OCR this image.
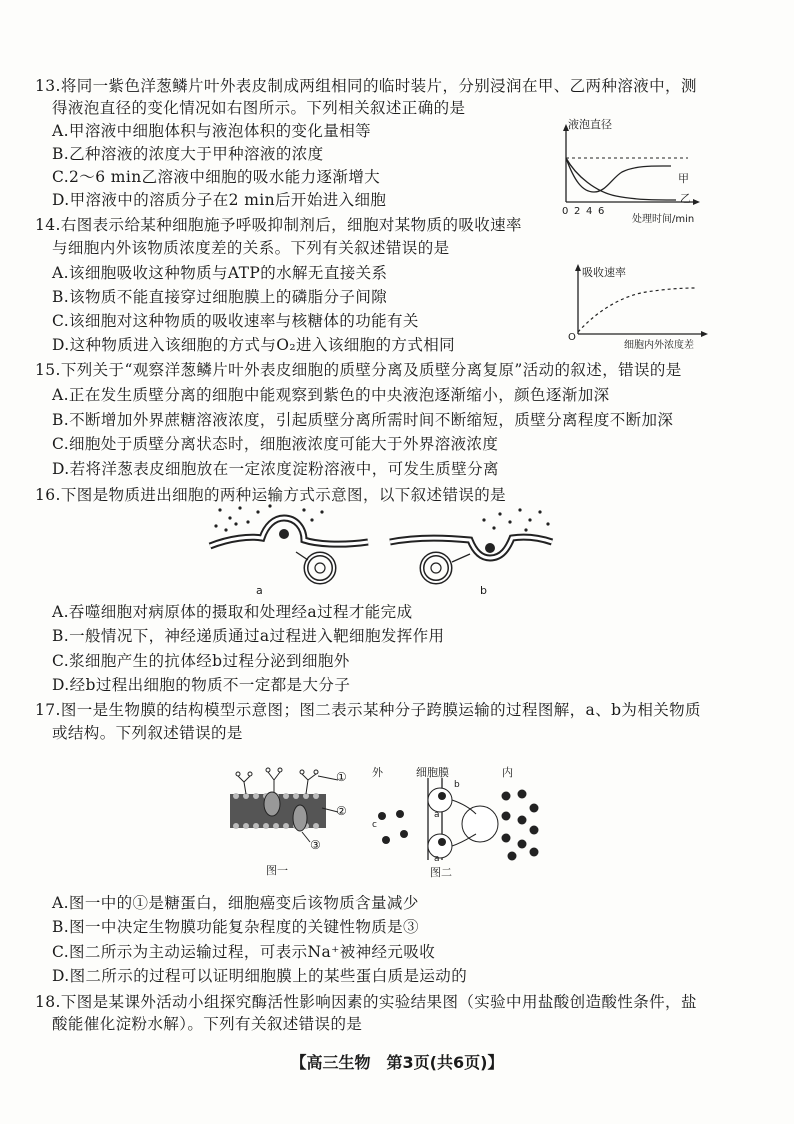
13.将同一紫色洋葱鳞片叶外表皮制成两组相同的临时装片，分别浸润在甲、乙两种溶液中，测
得液泡直径的变化情况如右图所示。下列相关叙述正确的是
A.甲溶液中细胞体积与液泡体积的变化量相等
B.乙种溶液的浓度大于甲种溶液的浓度
C.2～6 min乙溶液中细胞的吸水能力逐渐增大
D.甲溶液中的溶质分子在2 min后开始进入细胞
液泡直径
甲
乙
0 2 4 6
处理时间/min
14.右图表示给某种细胞施予呼吸抑制剂后，细胞对某物质的吸收速率
与细胞内外该物质浓度差的关系。下列有关叙述错误的是
A.该细胞吸收这种物质与ATP的水解无直接关系
B.该物质不能直接穿过细胞膜上的磷脂分子间隙
C.该细胞对这种物质的吸收速率与核糖体的功能有关
D.这种物质进入该细胞的方式与O₂进入该细胞的方式相同
吸收速率
O
细胞内外浓度差
15.下列关于“观察洋葱鳞片叶外表皮细胞的质壁分离及质壁分离复原”活动的叙述，错误的是
A.正在发生质壁分离的细胞中能观察到紫色的中央液泡逐渐缩小，颜色逐渐加深
B.不断增加外界蔗糖溶液浓度，引起质壁分离所需时间不断缩短，质壁分离程度不断加深
C.细胞处于质壁分离状态时，细胞液浓度可能大于外界溶液浓度
D.若将洋葱表皮细胞放在一定浓度淀粉溶液中，可发生质壁分离
16.下图是物质进出细胞的两种运输方式示意图，以下叙述错误的是
a	b
A.吞噬细胞对病原体的摄取和处理经a过程才能完成
B.一般情况下，神经递质通过a过程进入靶细胞发挥作用
C.浆细胞产生的抗体经b过程分泌到细胞外
D.经b过程出细胞的物质不一定都是大分子
17.图一是生物膜的结构模型示意图；图二表示某种分子跨膜运输的过程图解，a、b为相关物质
或结构。下列叙述错误的是
①
②
③
图一
外	细胞膜	内
b
a
a
c
图二
A.图一中的①是糖蛋白，细胞癌变后该物质含量减少
B.图一中决定生物膜功能复杂程度的关键性物质是③
C.图二所示为主动运输过程，可表示Na⁺被神经元吸收
D.图二所示的过程可以证明细胞膜上的某些蛋白质是运动的
18.下图是某课外活动小组探究酶活性影响因素的实验结果图（实验中用盐酸创造酸性条件，盐
酸能催化淀粉水解）。下列有关叙述错误的是
【高三生物　第3页(共6页)】
